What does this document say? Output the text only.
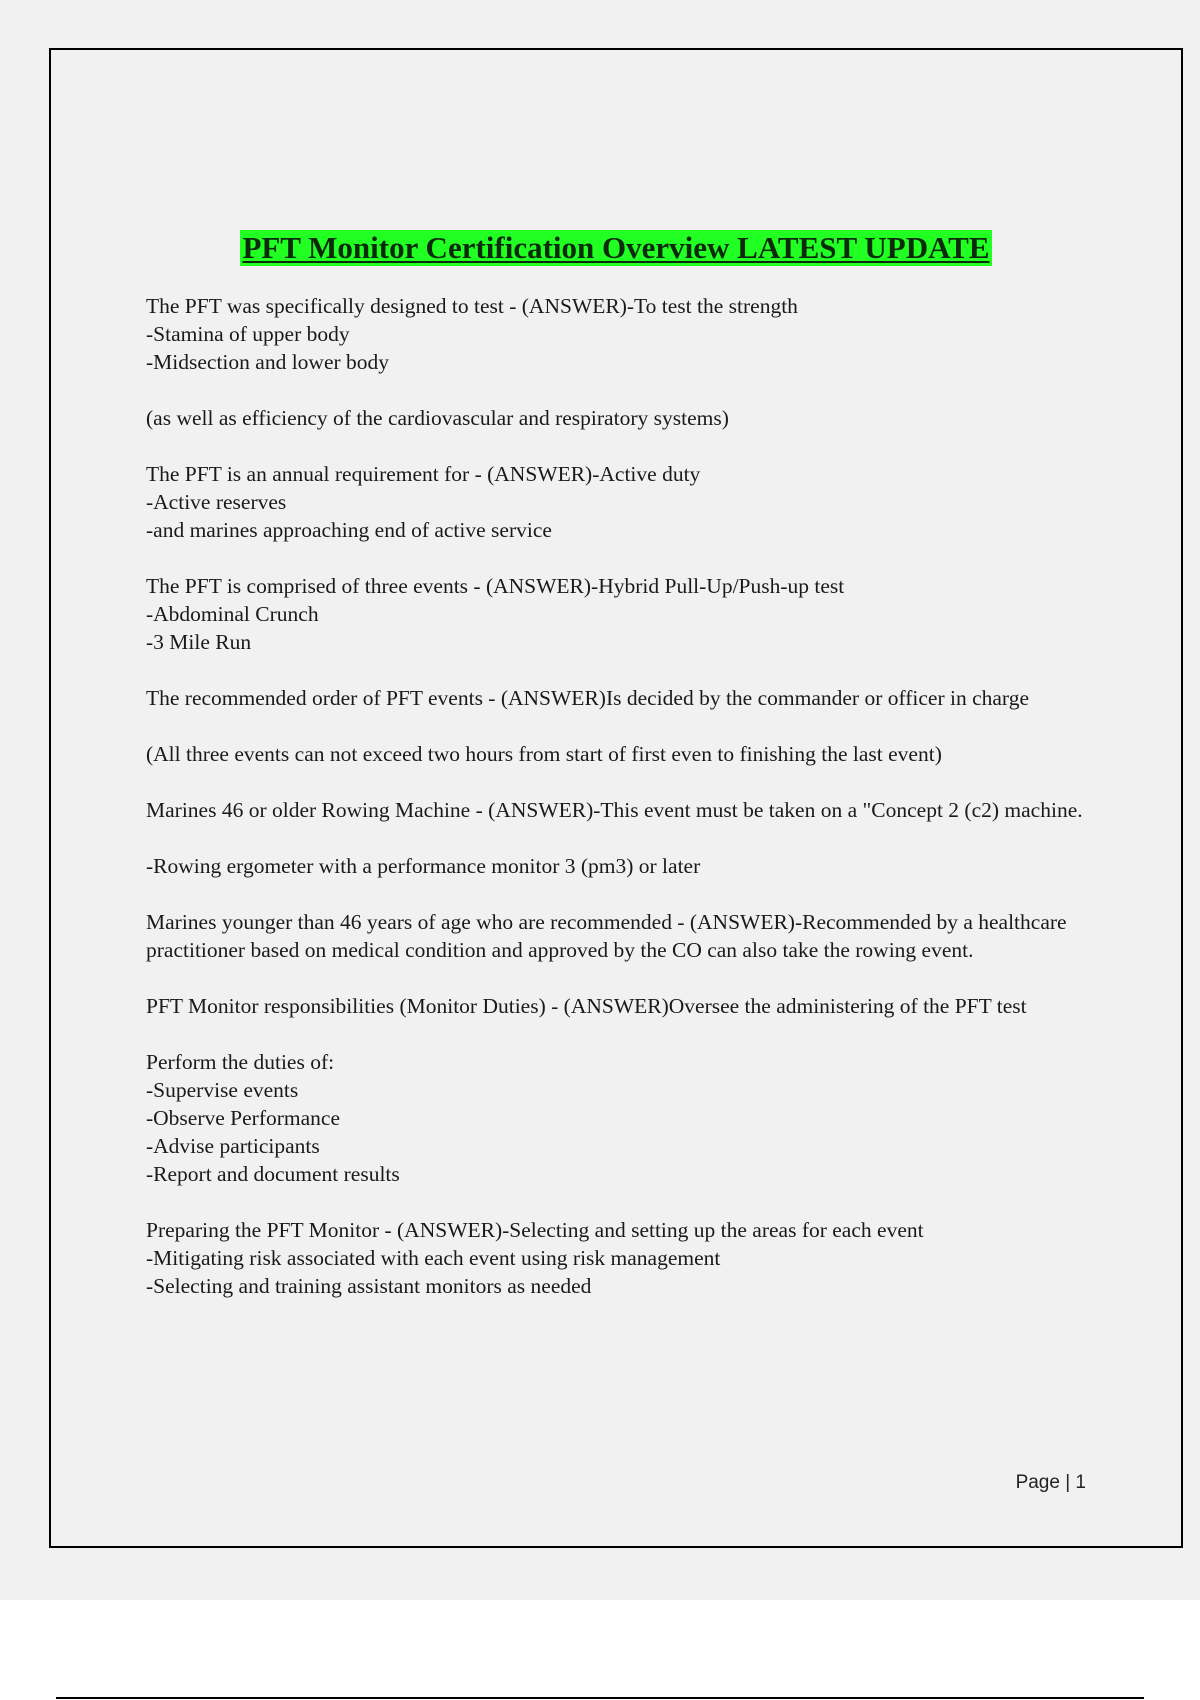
PFT Monitor Certification Overview LATEST UPDATE
The PFT was specifically designed to test - (ANSWER)-To test the strength
-Stamina of upper body
-Midsection and lower body
(as well as efficiency of the cardiovascular and respiratory systems)
The PFT is an annual requirement for - (ANSWER)-Active duty
-Active reserves
-and marines approaching end of active service
The PFT is comprised of three events - (ANSWER)-Hybrid Pull-Up/Push-up test
-Abdominal Crunch
-3 Mile Run
The recommended order of PFT events - (ANSWER)Is decided by the commander or officer in charge
(All three events can not exceed two hours from start of first even to finishing the last event)
Marines 46 or older Rowing Machine - (ANSWER)-This event must be taken on a "Concept 2 (c2) machine.
-Rowing ergometer with a performance monitor 3 (pm3) or later
Marines younger than 46 years of age who are recommended - (ANSWER)-Recommended by a healthcare practitioner based on medical condition and approved by the CO can also take the rowing event.
PFT Monitor responsibilities (Monitor Duties) - (ANSWER)Oversee the administering of the PFT test
Perform the duties of:
-Supervise events
-Observe Performance
-Advise participants
-Report and document results
Preparing the PFT Monitor - (ANSWER)-Selecting and setting up the areas for each event
-Mitigating risk associated with each event using risk management
-Selecting and training assistant monitors as needed
Page | 1
